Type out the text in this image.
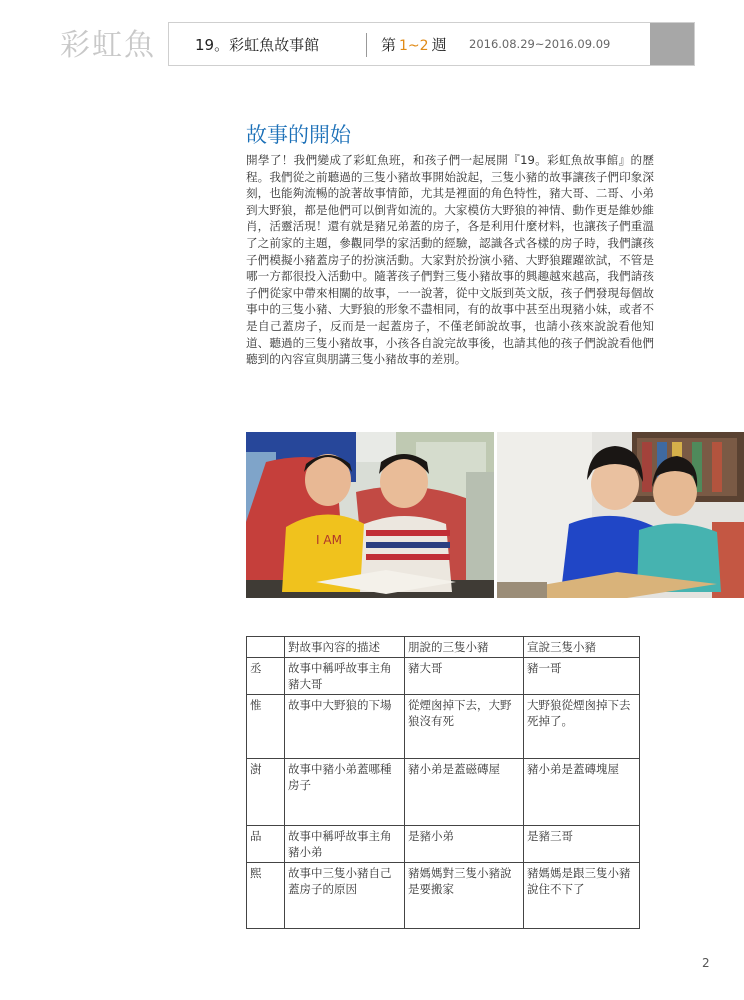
彩虹魚	19。彩虹魚故事館	第 1~2 週 2016.08.29~2016.09.09
故事的開始
開學了！我們變成了彩虹魚班，和孩子們一起展開『19。彩虹魚故事館』的歷程。我們從之前聽過的三隻小豬故事開始說起，三隻小豬的故事讓孩子們印象深刻，也能夠流暢的說著故事情節，尤其是裡面的角色特性，豬大哥、二哥、小弟到大野狼，都是他們可以倒背如流的。大家模仿大野狼的神情、動作更是維妙維肖，活靈活現！還有就是豬兄弟蓋的房子，各是利用什麼材料，也讓孩子們重溫了之前家的主題，參觀同學的家活動的經驗，認識各式各樣的房子時，我們讓孩子們模擬小豬蓋房子的扮演活動。大家對於扮演小豬、大野狼躍躍欲試，不管是哪一方都很投入活動中。隨著孩子們對三隻小豬故事的興趣越來越高，我們請孩子們從家中帶來相關的故事，一一說著，從中文版到英文版，孩子們發現每個故事中的三隻小豬、大野狼的形象不盡相同，有的故事中甚至出現豬小妹，或者不是自己蓋房子，反而是一起蓋房子，不僅老師說故事，也請小孩來說說看他知道、聽過的三隻小豬故事，小孩各自說完故事後，也請其他的孩子們說說看他們聽到的內容宣與朋講三隻小豬故事的差別。
I AM
	對故事內容的描述	朋說的三隻小豬	宣說三隻小豬
丞	故事中稱呼故事主角豬大哥	豬大哥	豬一哥
惟	故事中大野狼的下場	從煙囪掉下去，大野狼沒有死	大野狼從煙囪掉下去死掉了。
澍	故事中豬小弟蓋哪種房子	豬小弟是蓋磁磚屋	豬小弟是蓋磚塊屋
品	故事中稱呼故事主角豬小弟	是豬小弟	是豬三哥
熙	故事中三隻小豬自己蓋房子的原因	豬媽媽對三隻小豬說是要搬家	豬媽媽是跟三隻小豬說住不下了
2
